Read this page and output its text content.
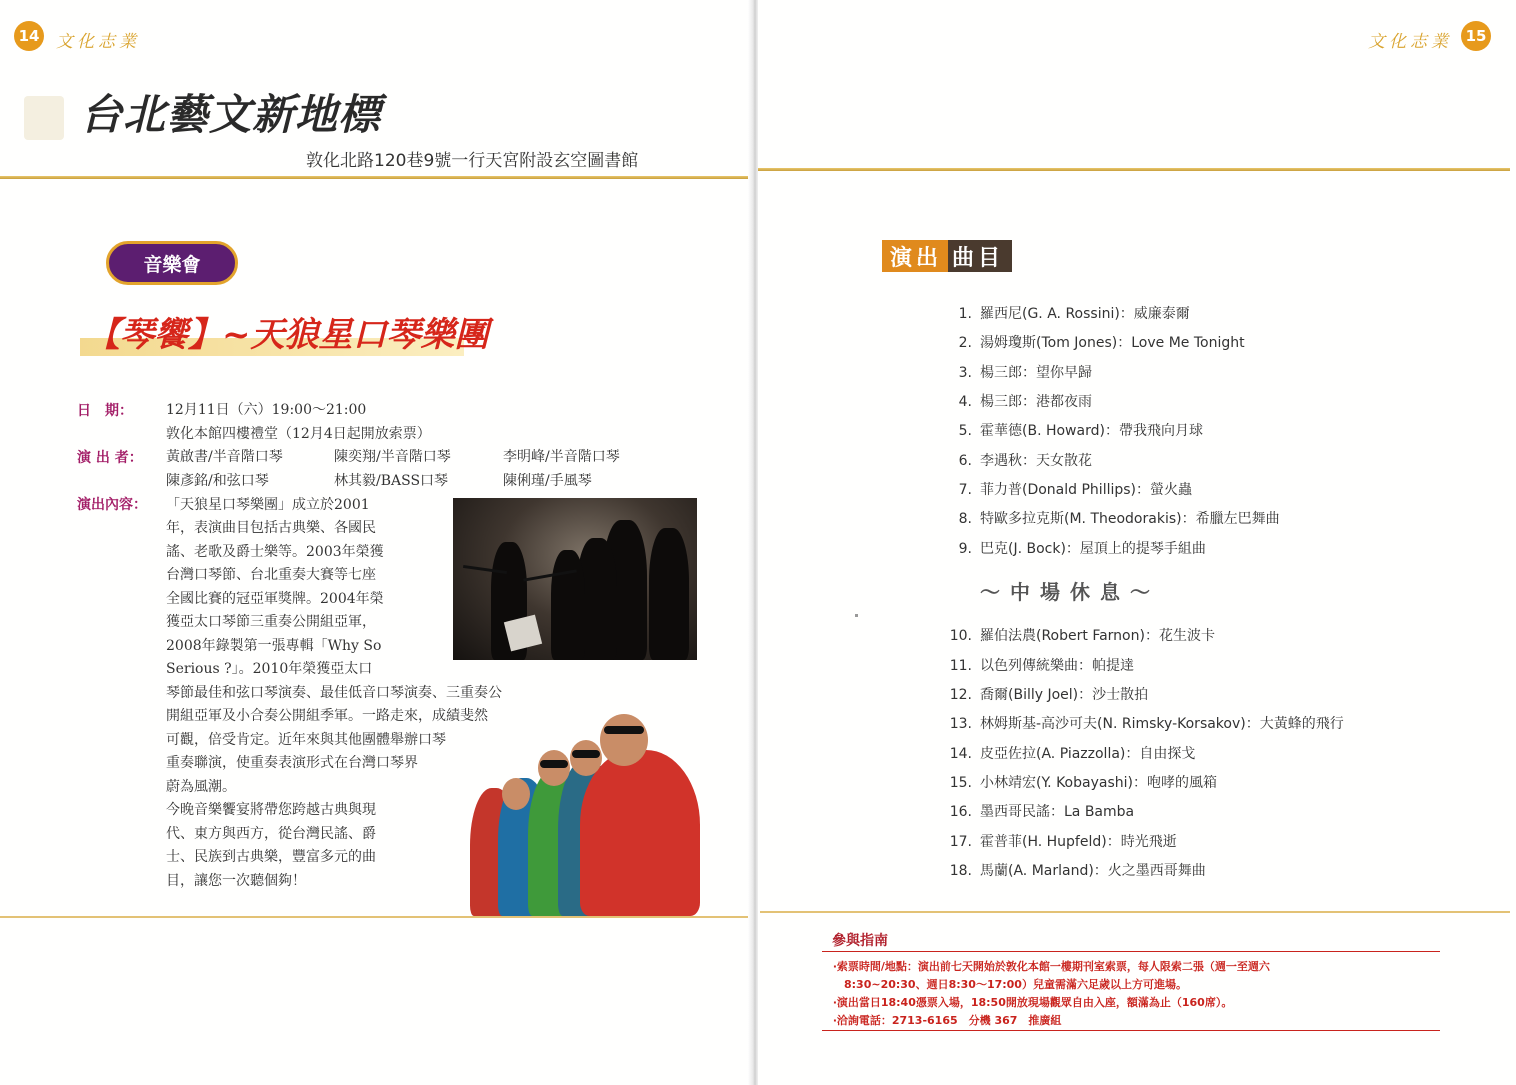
14 文化志業
台北藝文新地標
敦化北路120巷9號一行天宮附設玄空圖書館
音樂會
【琴饗】~天狼星口琴樂團
日　期： 12月11日（六）19:00～21:00
敦化本館四樓禮堂（12月4日起開放索票）
演 出 者： 黃啟書/半音階口琴	陳奕翔/半音階口琴	李明峰/半音階口琴
陳彥銘/和弦口琴	林其毅/BASS口琴	陳俐瑾/手風琴
演出內容： 「天狼星口琴樂團」成立於2001
年，表演曲目包括古典樂、各國民
謠、老歌及爵士樂等。2003年榮獲
台灣口琴節、台北重奏大賽等七座
全國比賽的冠亞軍獎牌。2004年榮
獲亞太口琴節三重奏公開組亞軍，
2008年錄製第一張專輯「Why So
Serious ?」。2010年榮獲亞太口
琴節最佳和弦口琴演奏、最佳低音口琴演奏、三重奏公
開組亞軍及小合奏公開組季軍。一路走來，成績斐然
可觀，倍受肯定。近年來與其他團體舉辦口琴
重奏聯演，使重奏表演形式在台灣口琴界
蔚為風潮。
今晚音樂饗宴將帶您跨越古典與現
代、東方與西方，從台灣民謠、爵
士、民族到古典樂，豐富多元的曲
目，讓您一次聽個夠！
文化志業 15
演出 曲目
1. 羅西尼(G. A. Rossini)：威廉泰爾
2. 湯姆瓊斯(Tom Jones)：Love Me Tonight
3. 楊三郎：望你早歸
4. 楊三郎：港都夜雨
5. 霍華德(B. Howard)：帶我飛向月球
6. 李遇秋：天女散花
7. 菲力普(Donald Phillips)：螢火蟲
8. 特歐多拉克斯(M. Theodorakis)：希臘左巴舞曲
9. 巴克(J. Bock)：屋頂上的提琴手組曲
～中場休息～
10. 羅伯法農(Robert Farnon)：花生波卡
11. 以色列傳統樂曲：帕提達
12. 喬爾(Billy Joel)：沙士散拍
13. 林姆斯基-高沙可夫(N. Rimsky-Korsakov)：大黃蜂的飛行
14. 皮亞佐拉(A. Piazzolla)：自由探戈
15. 小林靖宏(Y. Kobayashi)：咆哮的風箱
16. 墨西哥民謠：La Bamba
17. 霍普菲(H. Hupfeld)：時光飛逝
18. 馬蘭(A. Marland)：火之墨西哥舞曲
參與指南
‧索票時間/地點：演出前七天開始於敦化本館一樓期刊室索票，每人限索二張（週一至週六
　8:30~20:30、週日8:30～17:00）兒童需滿六足歲以上方可進場。
‧演出當日18:40憑票入場，18:50開放現場觀眾自由入座，額滿為止（160席）。
‧洽詢電話：2713-6165　分機 367　推廣組
